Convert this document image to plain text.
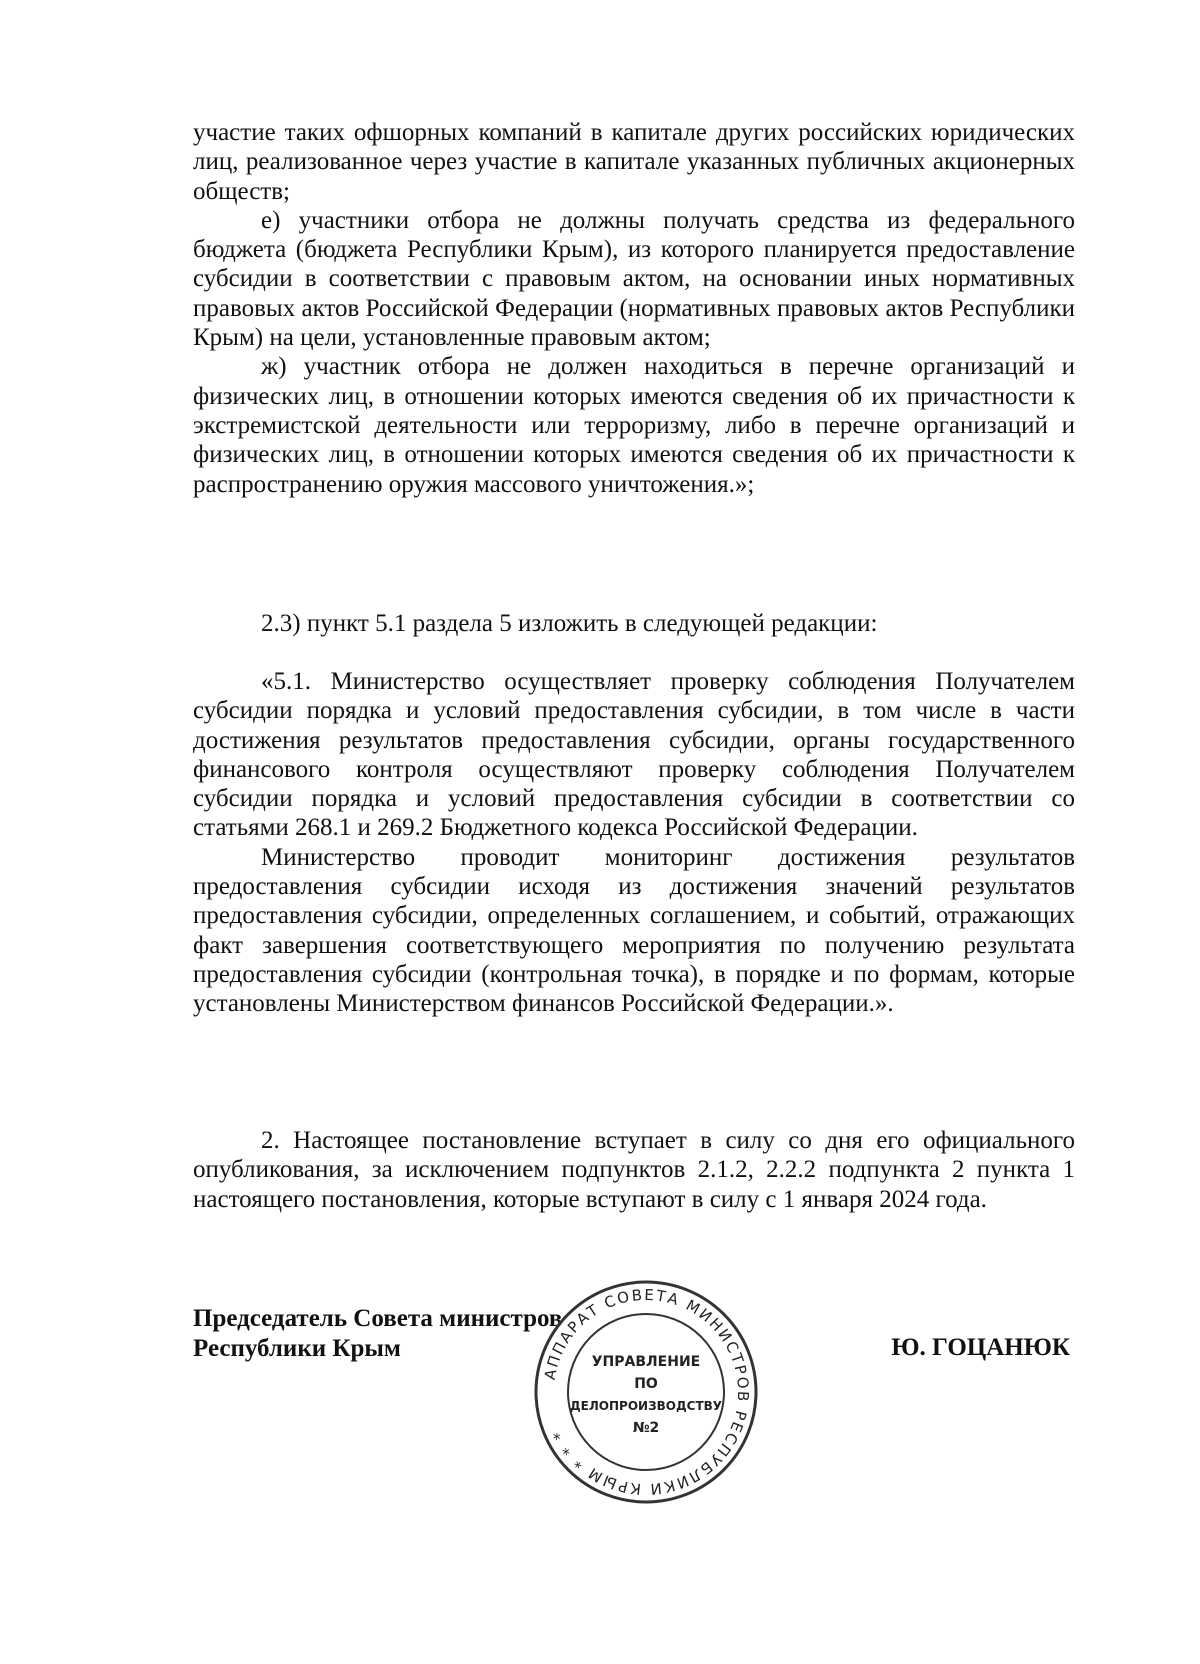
участие таких офшорных компаний в капитале других российских юридических лиц, реализованное через участие в капитале указанных публичных акционерных обществ;

е) участники отбора не должны получать средства из федерального бюджета (бюджета Республики Крым), из которого планируется предоставление субсидии в соответствии с правовым актом, на основании иных нормативных правовых актов Российской Федерации (нормативных правовых актов Республики Крым) на цели, установленные правовым актом;

ж) участник отбора не должен находиться в перечне организаций и физических лиц, в отношении которых имеются сведения об их причастности к экстремистской деятельности или терроризму, либо в перечне организаций и физических лиц, в отношении которых имеются сведения об их причастности к распространению оружия массового уничтожения.»;

2.3) пункт 5.1 раздела 5 изложить в следующей редакции:

«5.1. Министерство осуществляет проверку соблюдения Получателем субсидии порядка и условий предоставления субсидии, в том числе в части достижения результатов предоставления субсидии, органы государственного финансового контроля осуществляют проверку соблюдения Получателем субсидии порядка и условий предоставления субсидии в соответствии со статьями 268.1 и 269.2 Бюджетного кодекса Российской Федерации.

Министерство проводит мониторинг достижения результатов предоставления субсидии исходя из достижения значений результатов предоставления субсидии, определенных соглашением, и событий, отражающих факт завершения соответствующего мероприятия по получению результата предоставления субсидии (контрольная точка), в порядке и по формам, которые установлены Министерством финансов Российской Федерации.».

2. Настоящее постановление вступает в силу со дня его официального опубликования, за исключением подпунктов 2.1.2, 2.2.2 подпункта 2 пункта 1 настоящего постановления, которые вступают в силу с 1 января 2024 года.

Председатель Совета министров
Республики Крым	Ю. ГОЦАНЮК
АППАРАТ СОВЕТА МИНИСТРОВ РЕСПУБЛИКИ КРЫМ * * *
УПРАВЛЕНИЕ
ПО
ДЕЛОПРОИЗВОДСТВУ
№2
